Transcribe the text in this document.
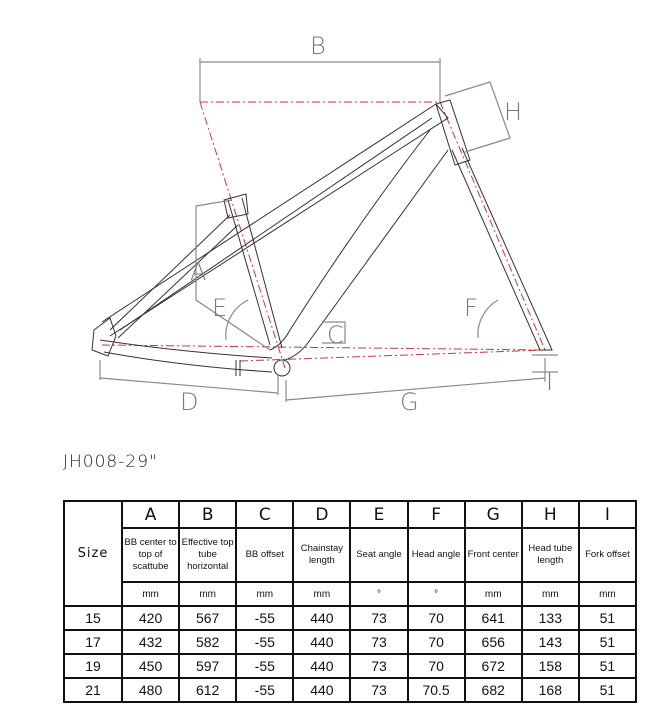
B
H
A
E	F
C
D	G
I
JH008-29"
Size	A	B	C	D	E	F	G	H	I
	BB center to top of scattube	Effective top tube horizontal	BB offset	Chainstay length	Seat angle	Head angle	Front center	Head tube length	Fork offset
	mm	mm	mm	mm	°	°	mm	mm	mm
15	420	567	-55	440	73	70	641	133	51
17	432	582	-55	440	73	70	656	143	51
19	450	597	-55	440	73	70	672	158	51
21	480	612	-55	440	73	70.5	682	168	51
